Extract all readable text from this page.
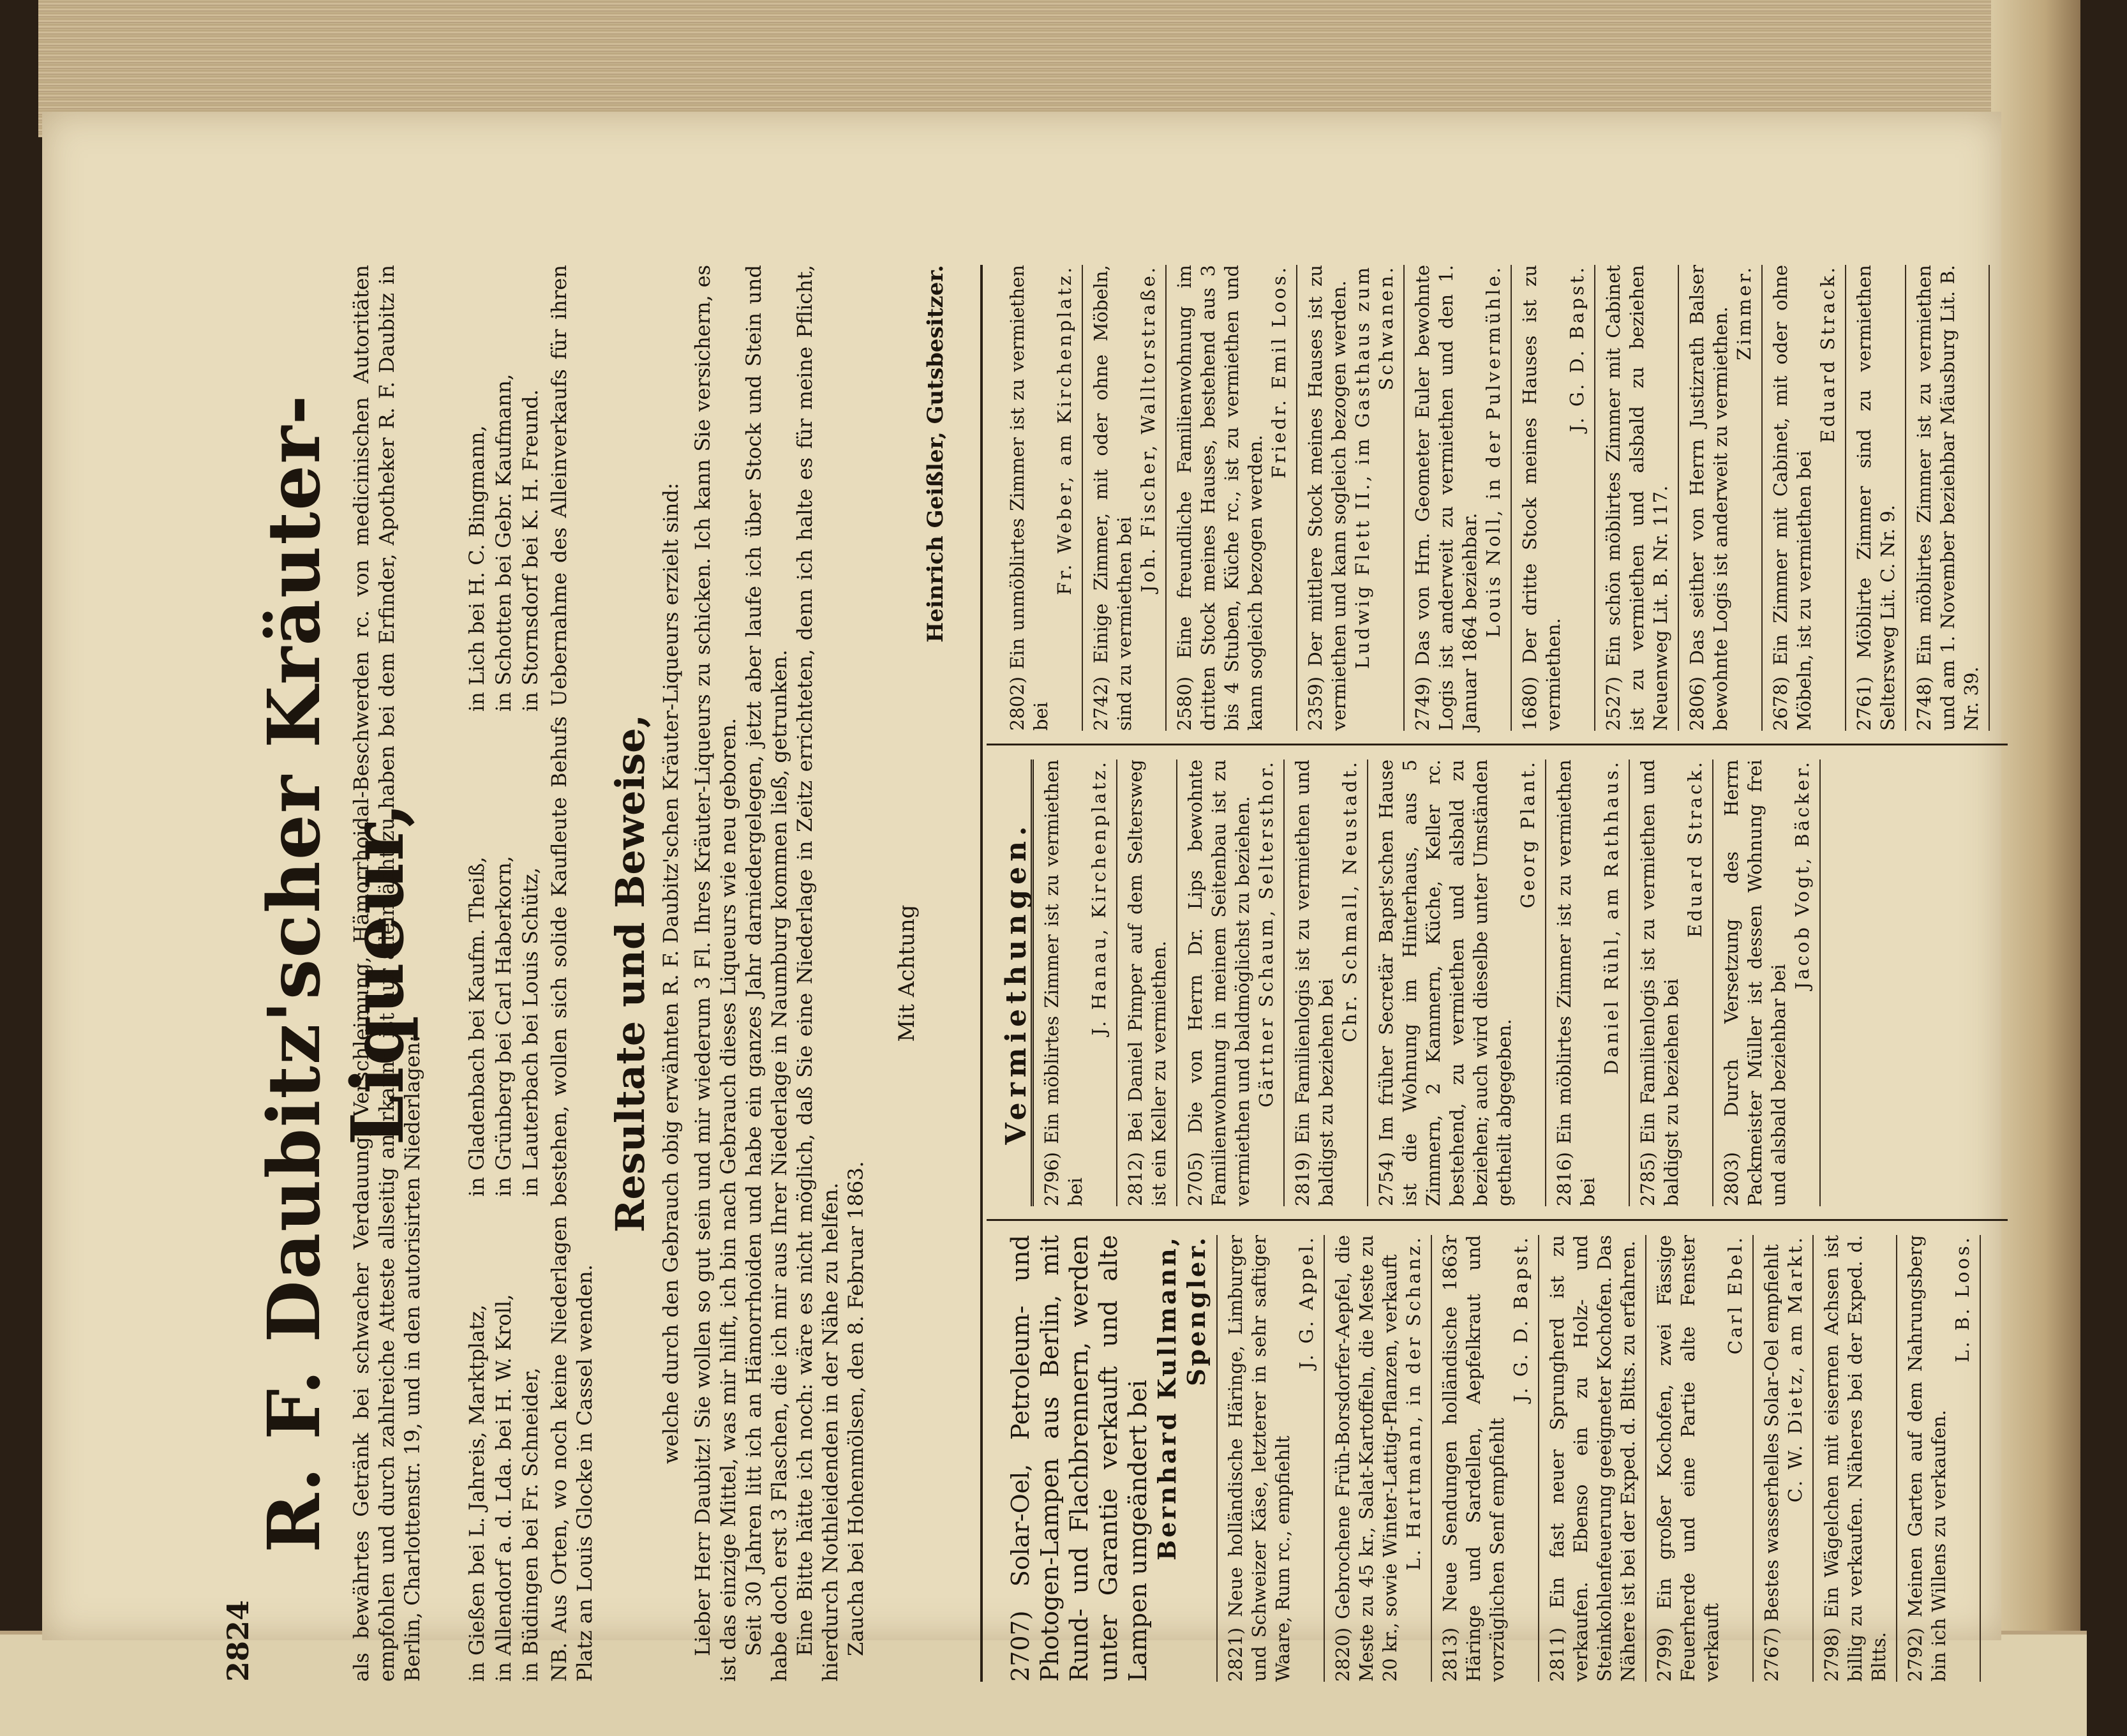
2824
R. F. Daubitz'scher Kräuter-Liqueur,
als bewährtes Getränk bei schwacher Verdauung, Verschleimung, Hämorrhoidal-Beschwerden rc. von medicinischen Autoritäten empfohlen und durch zahlreiche Atteste allseitig anerkannt, ist nur allein ächt zu haben bei dem Erfinder, Apotheker R. F. Daubitz in Berlin, Charlottenstr. 19, und in den autorisirten Niederlagen: in Gießen bei L. Jahreis, Marktplatz, in Allendorf a. d. Lda. bei H. W. Kroll, in Büdingen bei Fr. Schneider,
in Gladenbach bei Kaufm. Theiß, in Grünberg bei Carl Haberkorn, in Lauterbach bei Louis Schütz,
in Lich bei H. C. Bingmann, in Schotten bei Gebr. Kaufmann, in Stornsdorf bei K. H. Freund. NB. Aus Orten, wo noch keine Niederlagen bestehen, wollen sich solide Kaufleute Behufs Uebernahme des Alleinverkaufs für ihren Platz an Louis Glocke in Cassel wenden.
Resultate und Beweise, welche durch den Gebrauch obig erwähnten R. F. Daubitz'schen Kräuter-Liqueurs erzielt sind: Lieber Herr Daubitz! Sie wollen so gut sein und mir wiederum 3 Fl. Ihres Kräuter-Liqueurs zu schicken. Ich kann Sie versichern, es ist das einzige Mittel, was mir hilft, ich bin nach Gebrauch dieses Liqueurs wie neu geboren. Seit 30 Jahren litt ich an Hämorrhoiden und habe ein ganzes Jahr darniedergelegen, jetzt aber laufe ich über Stock und Stein und habe doch erst 3 Flaschen, die ich mir aus Ihrer Niederlage in Naumburg kommen ließ, getrunken. Eine Bitte hätte ich noch: wäre es nicht möglich, daß Sie eine Niederlage in Zeitz errichteten, denn ich halte es für meine Pflicht, hierdurch Nothleidenden in der Nähe zu helfen. Zaucha bei Hohenmölsen, den 8. Februar 1863.

Mit Achtung
Heinrich Geißler, Gutsbesitzer.
2707) Solar-Oel, Petroleum- und Photogen-Lampen aus Berlin, mit Rund- und Flachbrennern, werden unter Garantie verkauft und alte Lampen umgeändert bei Bernhard Kullmann, Spengler. 2821) Neue holländische Häringe, Limburger und Schweizer Käse, letzterer in sehr saftiger Waare, Rum rc., empfiehlt
J. G. Appel. 2820) Gebrochene Früh-Borsdorfer-Aepfel, die Meste zu 45 kr., Salat-Kartoffeln, die Meste zu 20 kr., sowie Winter-Lattig-Pflanzen, verkauft L. Hartmann, in der Schanz. 2813) Neue Sendungen holländische 1863r Häringe und Sardellen, Aepfelkraut und vorzüglichen Senf empfiehlt
J. G. D. Bapst. 2811) Ein fast neuer Sprungherd ist zu verkaufen. Ebenso ein zu Holz- und Steinkohlenfeuerung geeigneter Kochofen. Das Nähere ist bei der Exped. d. Bltts. zu erfahren. 2799) Ein großer Kochofen, zwei Fässige Feuerherde und eine Partie alte Fenster verkauft
Carl Ebel. 2767) Bestes wasserhelles Solar-Oel empfiehlt C. W. Dietz, am Markt. 2798) Ein Wägelchen mit eisernen Achsen ist billig zu verkaufen. Näheres bei der Exped. d. Bltts. 2792) Meinen Garten auf dem Nahrungsberg bin ich Willens zu verkaufen.
L. B. Loos.
Vermiethungen. 2796) Ein möblirtes Zimmer ist zu vermiethen bei
J. Hanau, Kirchenplatz. 2812) Bei Daniel Pimper auf dem Seltersweg ist ein Keller zu vermiethen. 2705) Die von Herrn Dr. Lips bewohnte Familienwohnung in meinem Seitenbau ist zu vermiethen und baldmöglichst zu beziehen. Gärtner Schaum, Seltersthor. 2819) Ein Familienlogis ist zu vermiethen und baldigst zu beziehen bei
Chr. Schmall, Neustadt. 2754) Im früher Secretär Bapst'schen Hause ist die Wohnung im Hinterhaus, aus 5 Zimmern, 2 Kammern, Küche, Keller rc. bestehend, zu vermiethen und alsbald zu beziehen; auch wird dieselbe unter Umständen getheilt abgegeben.
Georg Plant. 2816) Ein möblirtes Zimmer ist zu vermiethen bei
Daniel Rühl, am Rathhaus. 2785) Ein Familienlogis ist zu vermiethen und baldigst zu beziehen bei
Eduard Strack. 2803) Durch Versetzung des Herrn Packmeister Müller ist dessen Wohnung frei und alsbald beziehbar bei
Jacob Vogt, Bäcker.
2802) Ein unmöblirtes Zimmer ist zu vermiethen bei
Fr. Weber, am Kirchenplatz. 2742) Einige Zimmer, mit oder ohne Möbeln, sind zu vermiethen bei
Joh. Fischer, Walltorstraße. 2580) Eine freundliche Familienwohnung im dritten Stock meines Hauses, bestehend aus 3 bis 4 Stuben, Küche rc., ist zu vermiethen und kann sogleich bezogen werden.
Friedr. Emil Loos. 2359) Der mittlere Stock meines Hauses ist zu vermiethen und kann sogleich bezogen werden. Ludwig Flett II., im Gasthaus zum Schwanen. 2749) Das von Hrn. Geometer Euler bewohnte Logis ist anderweit zu vermiethen und den 1. Januar 1864 beziehbar. Louis Noll, in der Pulvermühle. 1680) Der dritte Stock meines Hauses ist zu vermiethen.
J. G. D. Bapst. 2527) Ein schön möblirtes Zimmer mit Cabinet ist zu vermiethen und alsbald zu beziehen Neuenweg Lit. B. Nr. 117. 2806) Das seither von Herrn Justizrath Balser bewohnte Logis ist anderweit zu vermiethen. Zimmer. 2678) Ein Zimmer mit Cabinet, mit oder ohne Möbeln, ist zu vermiethen bei
Eduard Strack. 2761) Möblirte Zimmer sind zu vermiethen Seltersweg Lit. C. Nr. 9. 2748) Ein möblirtes Zimmer ist zu vermiethen und am 1. November beziehbar Mäusburg Lit. B. Nr. 39.
